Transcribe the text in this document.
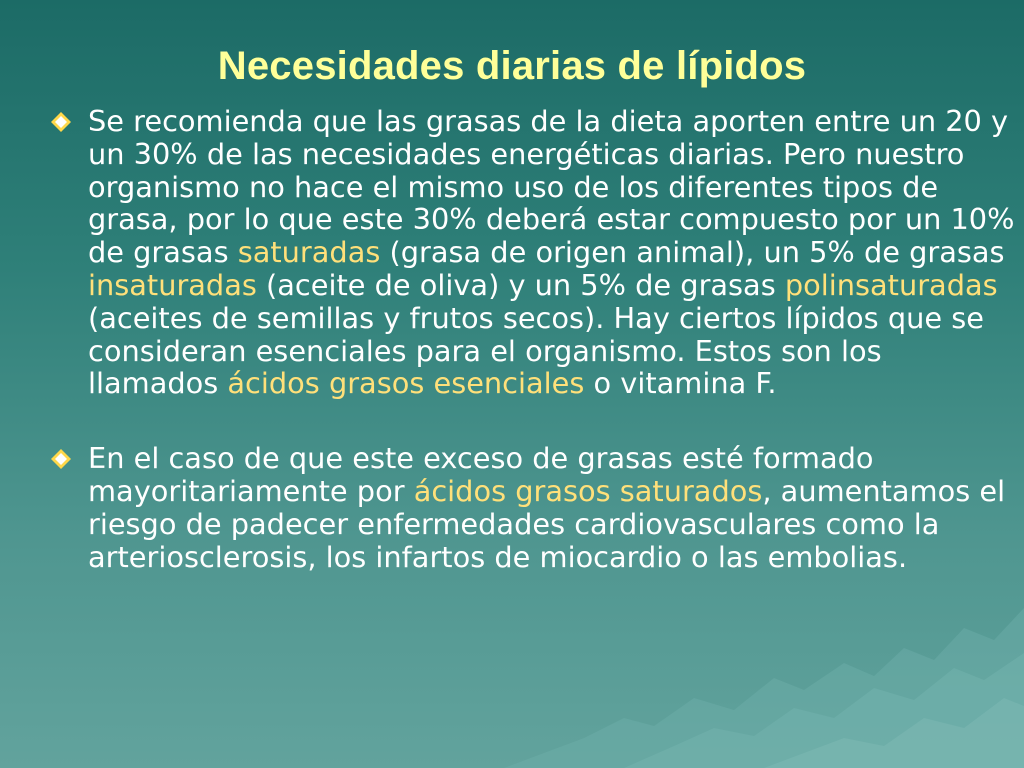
Necesidades diarias de lípidos

Se recomienda que las grasas de la dieta aporten entre un 20 y un 30% de las necesidades energéticas diarias. Pero nuestro organismo no hace el mismo uso de los diferentes tipos de grasa, por lo que este 30% deberá estar compuesto por un 10% de grasas saturadas (grasa de origen animal), un 5% de grasas insaturadas (aceite de oliva) y un 5% de grasas polinsaturadas (aceites de semillas y frutos secos). Hay ciertos lípidos que se consideran esenciales para el organismo. Estos son los llamados ácidos grasos esenciales o vitamina F.

En el caso de que este exceso de grasas esté formado mayoritariamente por ácidos grasos saturados, aumentamos el riesgo de padecer enfermedades cardiovasculares como la arteriosclerosis, los infartos de miocardio o las embolias.
